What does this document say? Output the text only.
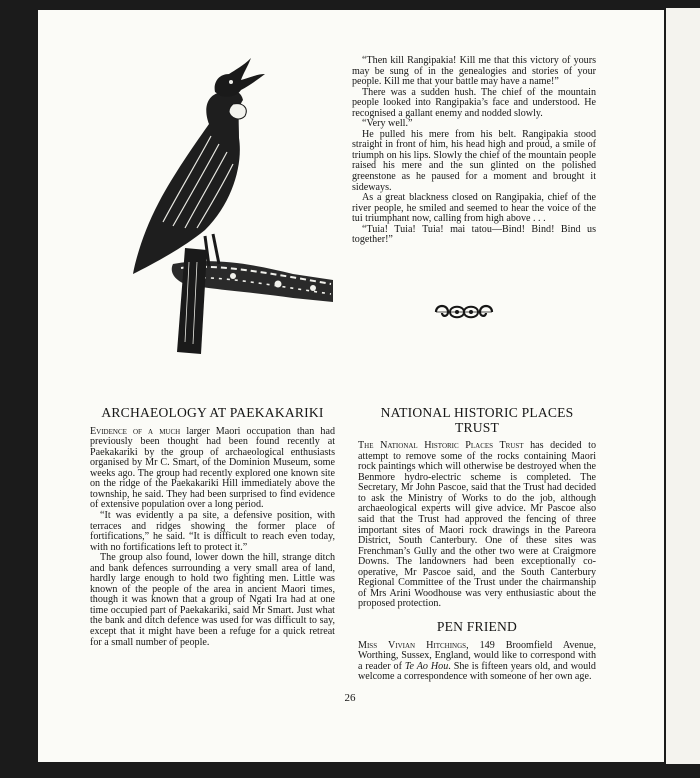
“Then kill Rangipakia! Kill me that this victory of yours may be sung of in the genealogies and stories of your people. Kill me that your battle may have a name!”

There was a sudden hush. The chief of the mountain people looked into Rangipakia’s face and understood. He recognised a gallant enemy and nodded slowly.

“Very well.”

He pulled his mere from his belt. Rangipakia stood straight in front of him, his head high and proud, a smile of triumph on his lips. Slowly the chief of the mountain people raised his mere and the sun glinted on the polished greenstone as he paused for a moment and brought it sideways.

As a great blackness closed on Rangipakia, chief of the river people, he smiled and seemed to hear the voice of the tui triumphant now, calling from high above . . .

“Tuia! Tuia! Tuia! mai tatou—Bind! Bind! Bind us together!”

ARCHAEOLOGY AT PAEKAKARIKI

Evidence of a much larger Maori occupation than had previously been thought had been found recently at Paekakariki by the group of archaeological enthusiasts organised by Mr C. Smart, of the Dominion Museum, some weeks ago. The group had recently explored one known site on the ridge of the Paekakariki Hill immediately above the township, he said. They had been surprised to find evidence of extensive population over a long period.

“It was evidently a pa site, a defensive position, with terraces and ridges showing the former place of fortifications,” he said. “It is difficult to reach even today, with no fortifications left to protect it.”

The group also found, lower down the hill, strange ditch and bank defences surrounding a very small area of land, hardly large enough to hold two fighting men. Little was known of the people of the area in ancient Maori times, though it was known that a group of Ngati Ira had at one time occupied part of Paekakariki, said Mr Smart. Just what the bank and ditch defence was used for was difficult to say, except that it might have been a refuge for a quick retreat for a small number of people.

NATIONAL HISTORIC PLACES TRUST

The National Historic Places Trust has decided to attempt to remove some of the rocks containing Maori rock paintings which will otherwise be destroyed when the Benmore hydro-electric scheme is completed. The Secretary, Mr John Pascoe, said that the Trust had decided to ask the Ministry of Works to do the job, although archaeological experts will give advice. Mr Pascoe also said that the Trust had approved the fencing of three important sites of Maori rock drawings in the Pareora District, South Canterbury. One of these sites was Frenchman’s Gully and the other two were at Craigmore Downs. The landowners had been exceptionally co-operative, Mr Pascoe said, and the South Canterbury Regional Committee of the Trust under the chairmanship of Mrs Arini Woodhouse was very enthusiastic about the proposed protection.

PEN FRIEND

Miss Vivian Hitchings, 149 Broomfield Avenue, Worthing, Sussex, England, would like to correspond with a reader of Te Ao Hou. She is fifteen years old, and would welcome a correspondence with someone of her own age.

26
